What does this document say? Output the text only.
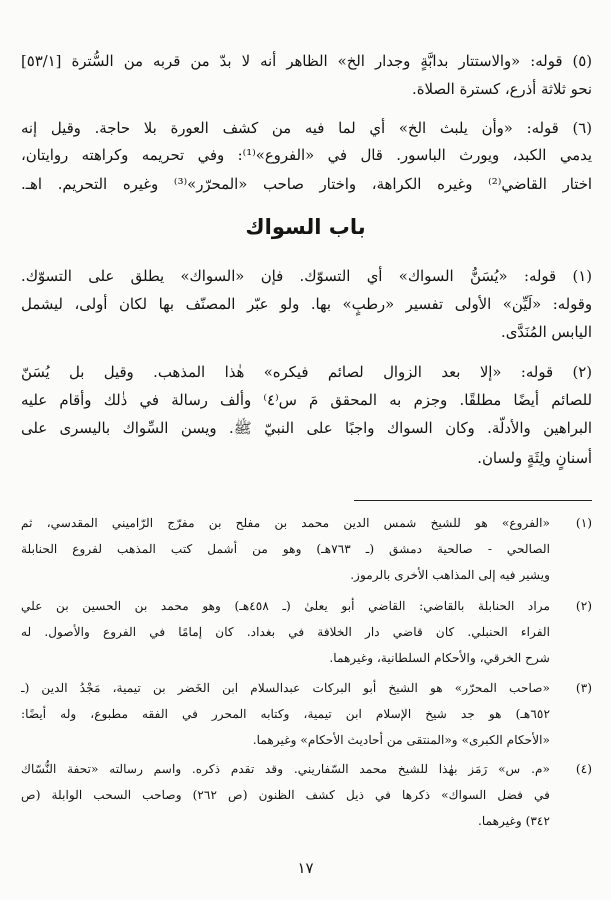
(٥) قوله: «والاستتار بدابَّةٍ وجدار الخ» الظاهر أنه لا بدّ من قربه من السُّترة [٥٣/١]

نحو ثلاثة أذرع، كسترة الصلاة.

(٦) قوله: «وأن يلبث الخ» أي لما فيه من كشف العورة بلا حاجة. وقيل إنه

يدمي الكبد، ويورث الباسور. قال في «الفروع»⁽¹⁾: وفي تحريمه وكراهته روايتان،

اختار القاضي⁽²⁾ وغيره الكراهة، واختار صاحب «المحرّر»⁽³⁾ وغيره التحريم. اهـ.

باب السواك

(١) قوله: «يُسَنُّ السواك» أي التسوّك. فإن «السواك» يطلق على التسوّك.

وقوله: «لَيِّن» الأولى تفسير «رطبٍ» بها. ولو عبّر المصنّف بها لكان أولى، ليشمل

اليابس المُنَدَّى.

(٢) قوله: «إلا بعد الزوال لصائم فيكره» هٰذا المذهب. وقيل بل يُسَنّ

للصائم أيضًا مطلقًا. وجزم به المحقق مَ س⁽٤⁾ وألف رسالة في ذٰلك وأقام عليه

البراهين والأدلّة. وكان السواك واجبًا على النبيّ ﷺ. ويسن السِّواك باليسرى على

أسنانٍ ولِثَةٍ ولسان.

(١)

«الفروع» هو للشيخ شمس الدين محمد بن مفلح بن مفرّج الرّاميني المقدسي، ثم

الصالحي - صالحية دمشق (ـ ٧٦٣هـ) وهو من أشمل كتب المذهب لفروع الحنابلة

ويشير فيه إلى المذاهب الأخرى بالرموز.

(٢)

مراد الحنابلة بالقاضي: القاضي أبو يعلىٰ (ـ ٤٥٨هـ) وهو محمد بن الحسين بن علي

الفراء الحنبلي. كان قاضي دار الخلافة في بغداد. كان إمامًا في الفروع والأصول. له

شرح الخرقي، والأحكام السلطانية، وغيرهما.

(٣)

«صاحب المحرّر» هو الشيخ أبو البركات عبدالسلام ابن الخَضر بن تيمية، مَجْدُ الدين (ـ

٦٥٢هـ) هو جد شيخ الإسلام ابن تيمية، وكتابه المحرر في الفقه مطبوع، وله أيضًا:

«الأحكام الكبرى» و«المنتقى من أحاديث الأحكام» وغيرهما.

(٤)

«م. س» رَمَز بهٰذا للشيخ محمد السّفاريني. وقد تقدم ذكره. واسم رسالته «تحفة النُّسّاك

في فضل السواك» ذكرها في ذيل كشف الظنون (ص ٢٦٢) وصاحب السحب الوابلة (ص

٣٤٢) وغيرهما.

١٧
